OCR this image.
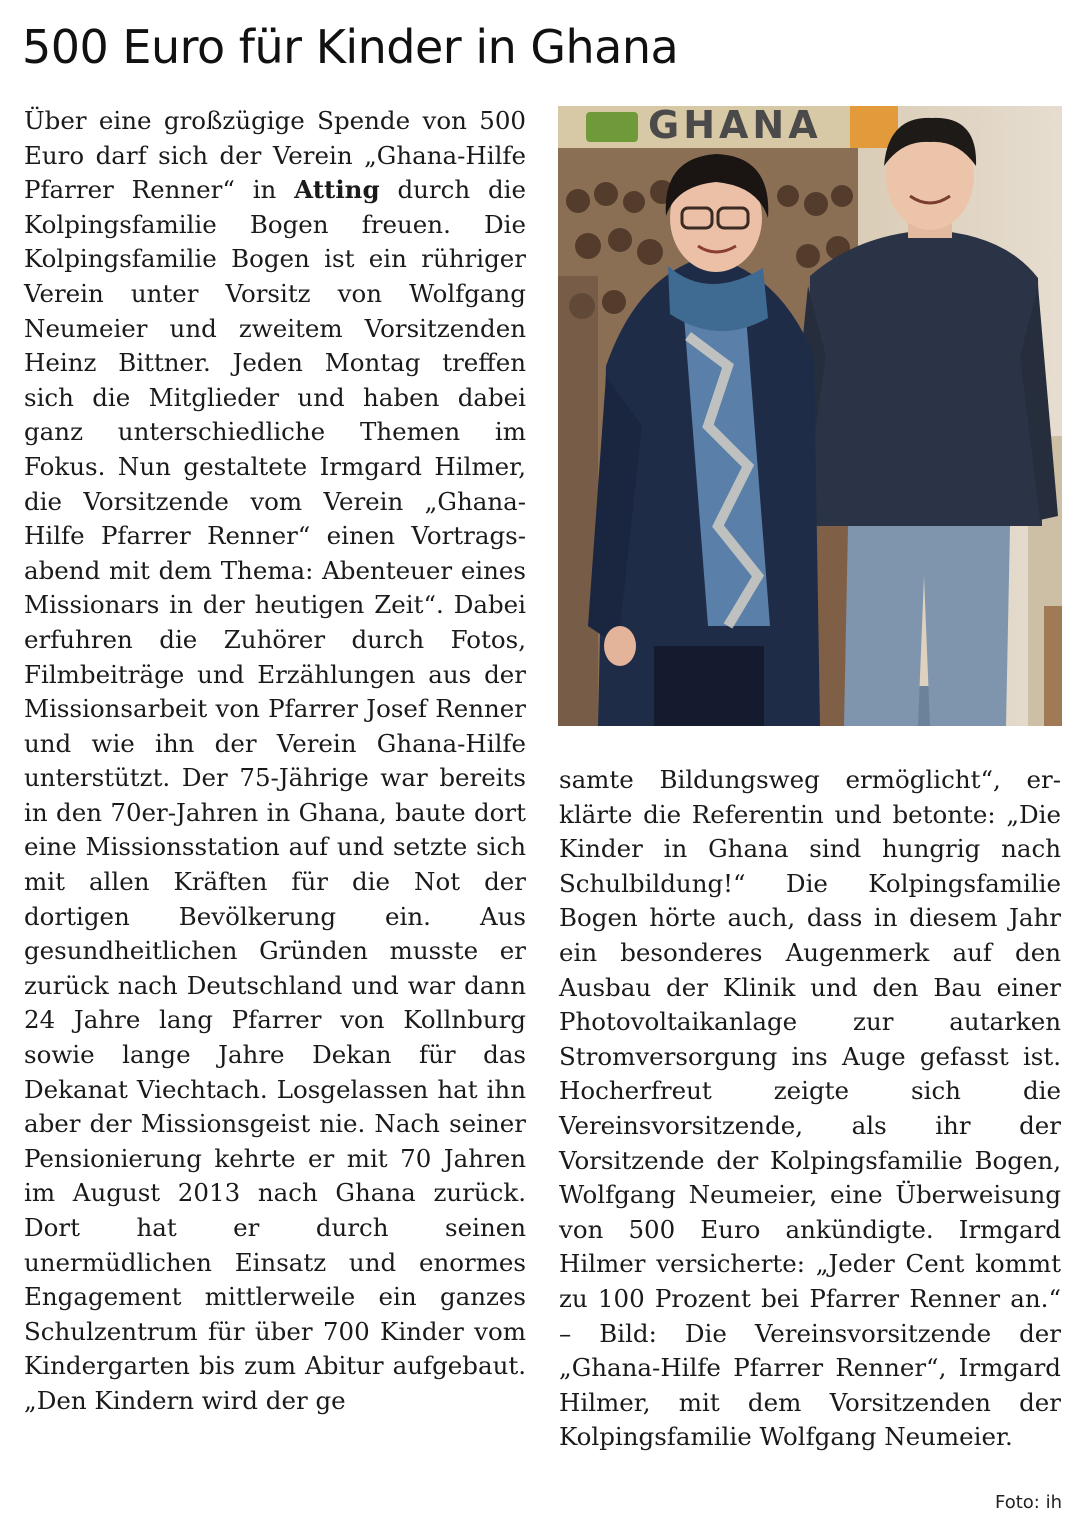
500 Euro für Kinder in Ghana

Über eine großzügige Spende von 500 Euro darf sich der Verein „Ghana-Hilfe Pfarrer Renner“ in Atting durch die Kolpingsfamilie Bogen freuen. Die Kolpingsfamilie Bogen ist ein rühriger Verein unter Vorsitz von Wolfgang Neumeier und zweitem Vorsitzenden Heinz Bittner. Jeden Montag treffen sich die Mitglieder und haben dabei ganz unterschiedliche Themen im Fokus. Nun gestaltete Irmgard Hilmer, die Vorsitzende vom Verein „Ghana-Hilfe Pfarrer Renner“ einen Vortragsabend mit dem Thema: Abenteuer eines Missionars in der heutigen Zeit“. Dabei erfuhren die Zuhörer durch Fotos, Filmbeiträge und Erzählungen aus der Missionsarbeit von Pfarrer Josef Renner und wie ihn der Verein Ghana-Hilfe unterstützt. Der 75-Jährige war bereits in den 70er-Jahren in Ghana, baute dort eine Missionsstation auf und setzte sich mit allen Kräften für die Not der dortigen Bevölkerung ein. Aus gesundheitlichen Gründen musste er zurück nach Deutschland und war dann 24 Jahre lang Pfarrer von Kollnburg sowie lange Jahre Dekan für das Dekanat Viechtach. Losgelassen hat ihn aber der Missionsgeist nie. Nach seiner Pensionierung kehrte er mit 70 Jahren im August 2013 nach Ghana zurück. Dort hat er durch seinen unermüdlichen Einsatz und enormes Engagement mittlerweile ein ganzes Schulzentrum für über 700 Kinder vom Kindergarten bis zum Abitur aufgebaut. „Den Kindern wird der ge

GHANA

samte Bildungsweg ermöglicht“, erklärte die Referentin und betonte: „Die Kinder in Ghana sind hungrig nach Schulbildung!“ Die Kolpingsfamilie Bogen hörte auch, dass in diesem Jahr ein besonderes Augenmerk auf den Ausbau der Klinik und den Bau einer Photovoltaikanlage zur autarken Stromversorgung ins Auge gefasst ist. Hocherfreut zeigte sich die Vereinsvorsitzende, als ihr der Vorsitzende der Kolpingsfamilie Bogen, Wolfgang Neumeier, eine Überweisung von 500 Euro ankündigte. Irmgard Hilmer versicherte: „Jeder Cent kommt zu 100 Prozent bei Pfarrer Renner an.“ – Bild: Die Vereinsvorsitzende der „Ghana-Hilfe Pfarrer Renner“, Irmgard Hilmer, mit dem Vorsitzenden der Kolpingsfamilie Wolfgang Neumeier.

Foto: ih
